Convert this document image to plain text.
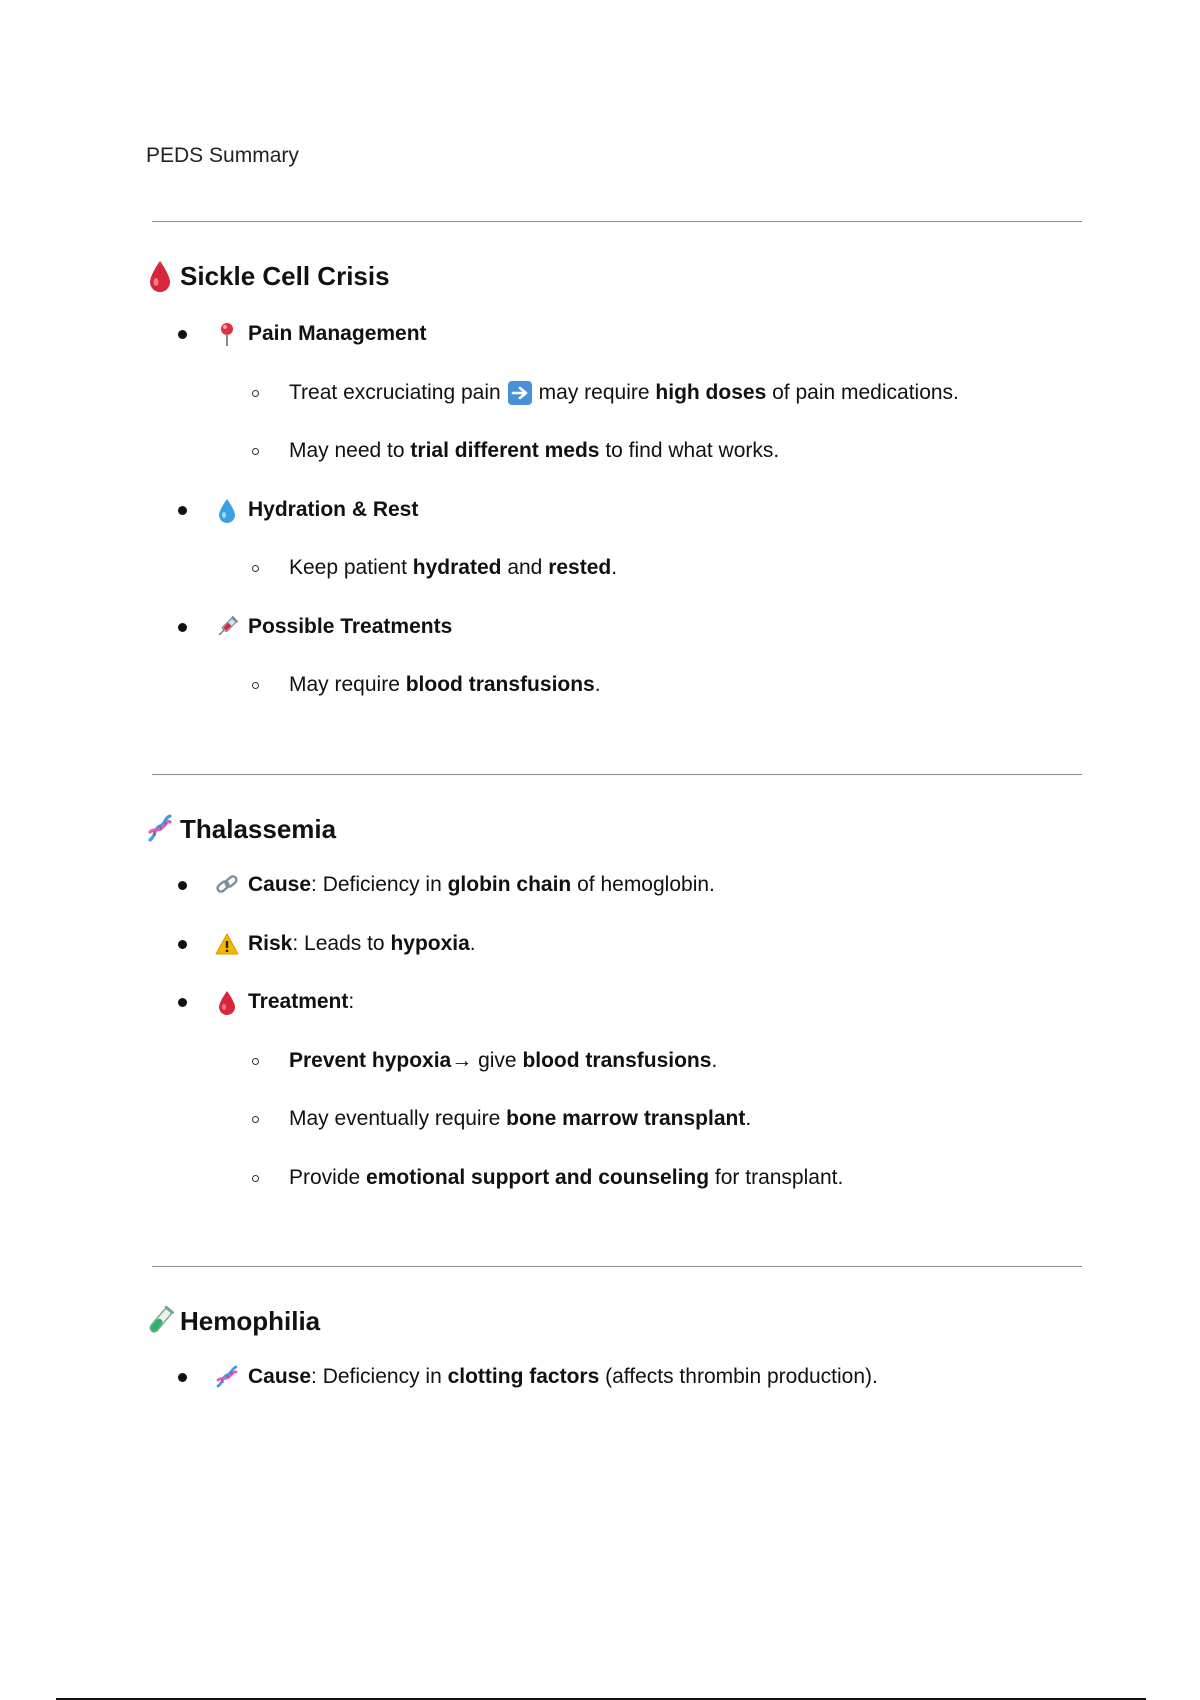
PEDS Summary
Sickle Cell Crisis
Pain Management
Treat excruciating pain may require
high doses
of pain medications.
May need to
trial different meds
to find what works.
Hydration & Rest
Keep patient
hydrated
and
rested .
Possible Treatments
May require
blood transfusions .
Thalassemia
Cause : Deficiency in
globin chain
of hemoglobin.
Risk : Leads to
hypoxia .
Treatment :
Prevent hypoxia → give
blood transfusions .
May eventually require
bone marrow transplant .
Provide
emotional support and counseling
for transplant.
Hemophilia
Cause : Deficiency in
clotting factors
(affects thrombin production).
